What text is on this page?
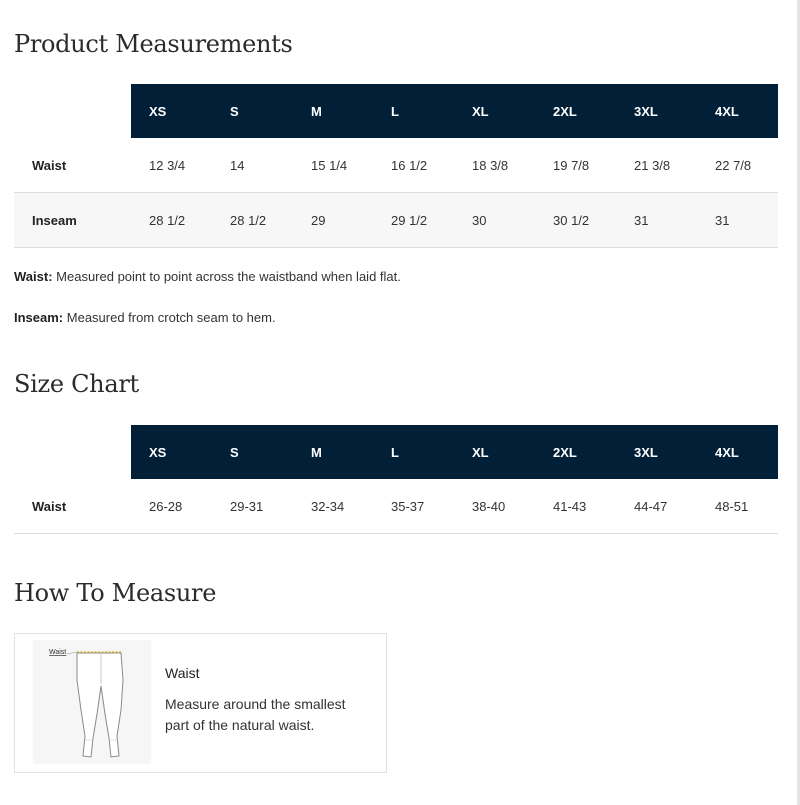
Product Measurements
	XS	S	M	L	XL	2XL	3XL	4XL
Waist	12 3/4	14	15 1/4	16 1/2	18 3/8	19 7/8	21 3/8	22 7/8
Inseam	28 1/2	28 1/2	29	29 1/2	30	30 1/2	31	31

Waist: Measured point to point across the waistband when laid flat.

Inseam: Measured from crotch seam to hem.

Size Chart
	XS	S	M	L	XL	2XL	3XL	4XL
Waist	26-28	29-31	32-34	35-37	38-40	41-43	44-47	48-51
How To Measure
Waist

Waist

Measure around the smallest part of the natural waist.
